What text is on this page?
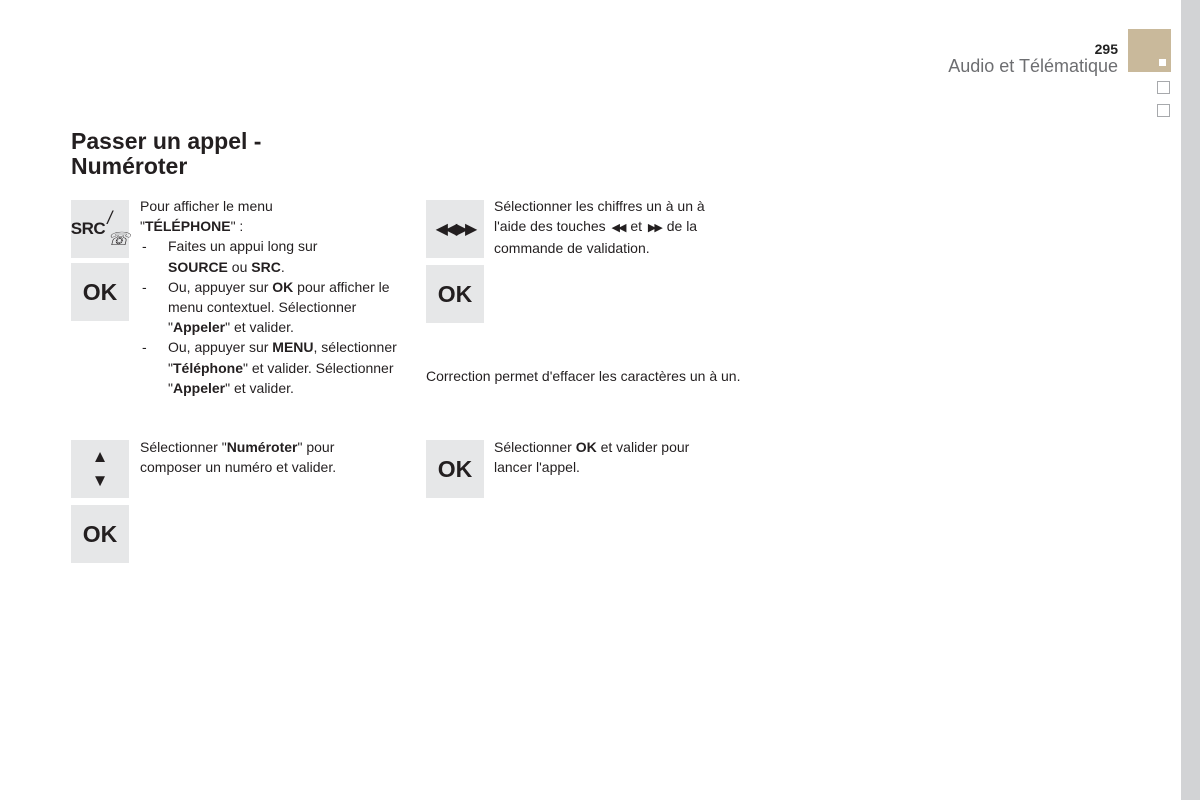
295
Audio et Télématique
Passer un appel -
Numéroter
SRC
/☏
OK
▲
▼
OK
◀◀
▶▶
OK
OK

Pour afficher le menu
"TÉLÉPHONE" :

- Faites un appui long sur
SOURCE ou SRC.
- Ou, appuyer sur OK pour afficher le menu contextuel. Sélectionner "Appeler" et valider.
- Ou, appuyer sur MENU, sélectionner "Téléphone" et valider. Sélectionner "Appeler" et valider.

Sélectionner "Numéroter" pour composer un numéro et valider.

Sélectionner les chiffres un à un à l'aide des touches ◀◀ et ▶▶ de la commande de validation.

Correction permet d'effacer les caractères un à un.

Sélectionner OK et valider pour lancer l'appel.
